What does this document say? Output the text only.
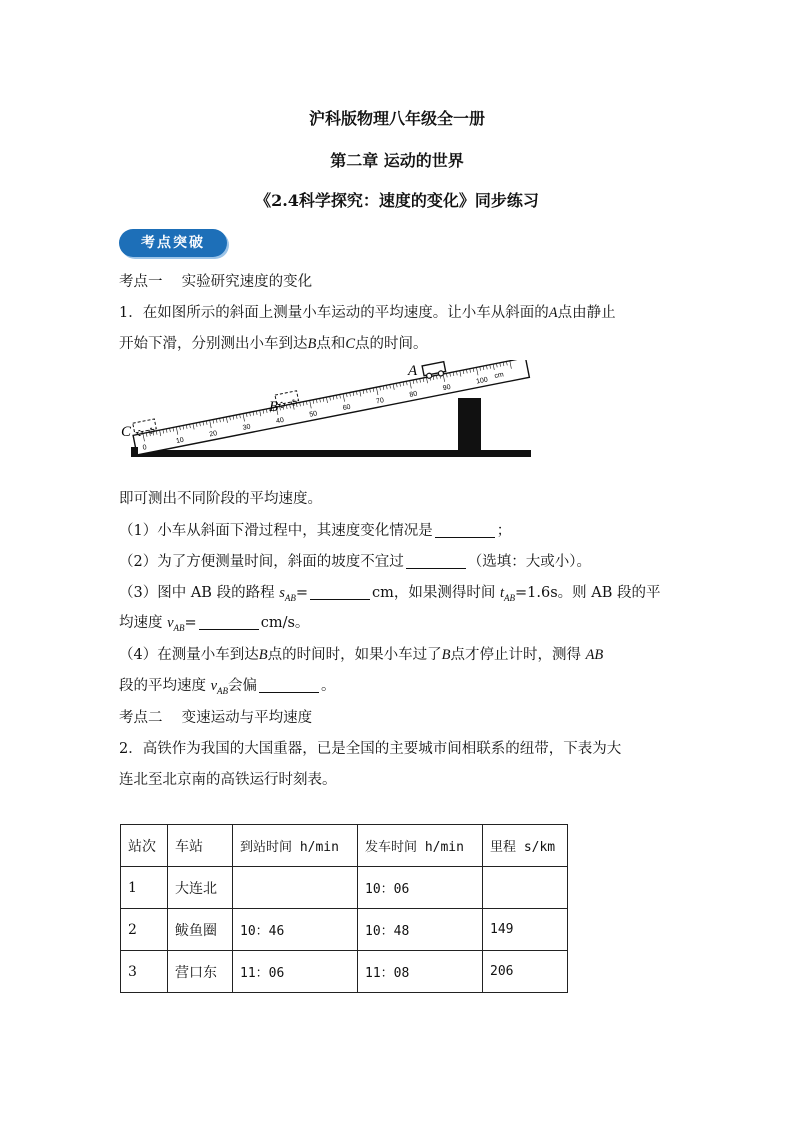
沪科版物理八年级全一册
第二章 运动的世界
《2.4科学探究：速度的变化》同步练习
考点突破
考点一　 实验研究速度的变化
1．在如图所示的斜面上测量小车运动的平均速度。让小车从斜面的A点由静止
开始下滑，分别测出小车到达B点和C点的时间。
0
10
20
30
40
50
60
70
80
90
100
cm
C
B
A
即可测出不同阶段的平均速度。
（1）小车从斜面下滑过程中，其速度变化情况是	；
（2）为了方便测量时间，斜面的坡度不宜过	（选填：大或小）。
（3）图中 AB 段的路程 $s_{AB}=$	cm，如果测得时间 $t_{AB}=1.6s$。则 AB 段的平
均速度 $v_{AB}=$	cm/s。
（4）在测量小车到达B点的时间时，如果小车过了B点才停止计时，测得 AB
段的平均速度 $v_{AB}$会偏	。
考点二　 变速运动与平均速度
2．高铁作为我国的大国重器，已是全国的主要城市间相联系的纽带，下表为大
连北至北京南的高铁运行时刻表。
站次	车站	到站时间 h/min	发车时间 h/min	里程 s/km
1	大连北		10：06	
2	鲅鱼圈	10：46	10：48	149
3	营口东	11：06	11：08	206
